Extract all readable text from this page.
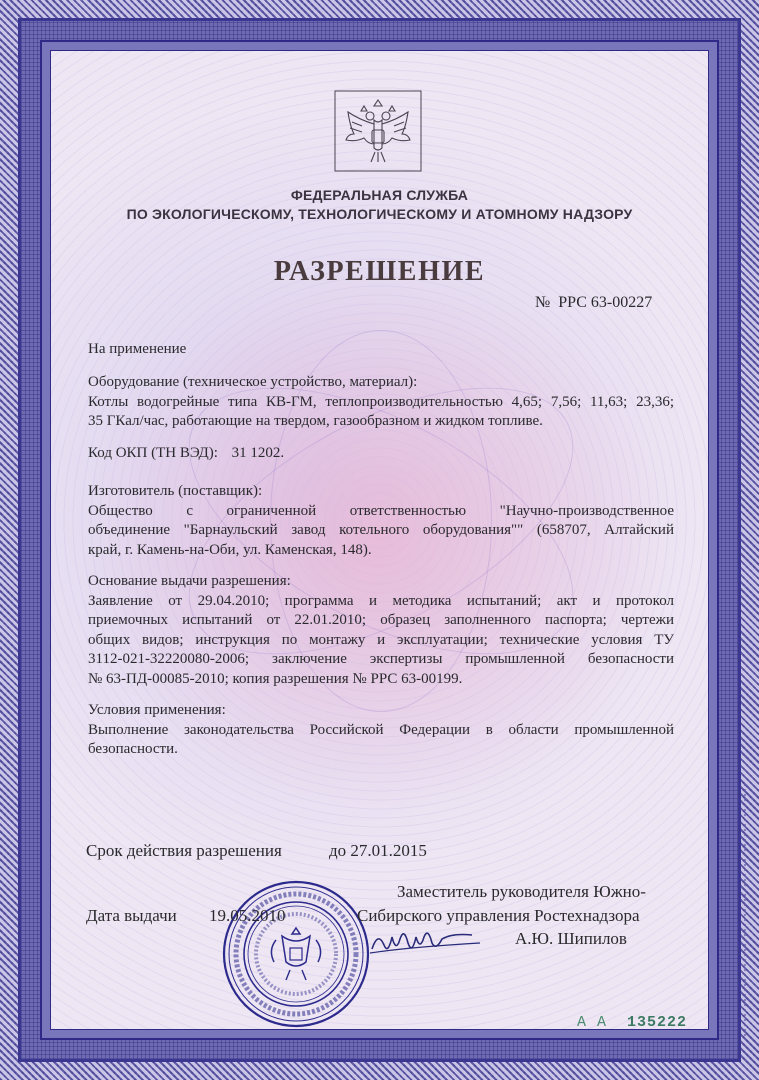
ФЕДЕРАЛЬНАЯ СЛУЖБА
ПО ЭКОЛОГИЧЕСКОМУ, ТЕХНОЛОГИЧЕСКОМУ И АТОМНОМУ НАДЗОРУ
РАЗРЕШЕНИЕ
№ РРС 63-00227
На применение
Оборудование (техническое устройство, материал):
Котлы водогрейные типа КВ-ГМ, теплопроизводительностью 4,65; 7,56; 11,63; 23,36;
35 ГКал/час, работающие на твердом, газообразном и жидком топливе.
Код ОКП (ТН ВЭД): 31 1202.
Изготовитель (поставщик):
Общество с ограниченной ответственностью "Научно-производственное
объединение "Барнаульский завод котельного оборудования"" (658707, Алтайский
край, г. Камень-на-Оби, ул. Каменская, 148).
Основание выдачи разрешения:
Заявление от 29.04.2010; программа и методика испытаний; акт и протокол
приемочных испытаний от 22.01.2010; образец заполненного паспорта; чертежи
общих видов; инструкция по монтажу и эксплуатации; технические условия ТУ
3112-021-32220080-2006; заключение экспертизы промышленной безопасности
№ 63-ПД-00085-2010; копия разрешения № РРС 63-00199.
Условия применения:
Выполнение законодательства Российской Федерации в области промышленной
безопасности.
Срок действия разрешения	до 27.01.2015
Дата выдачи 19.05.2010
Заместитель руководителя Южно-
Сибирского управления Ростехнадзора
А.Ю. Шипилов
А А 135222
